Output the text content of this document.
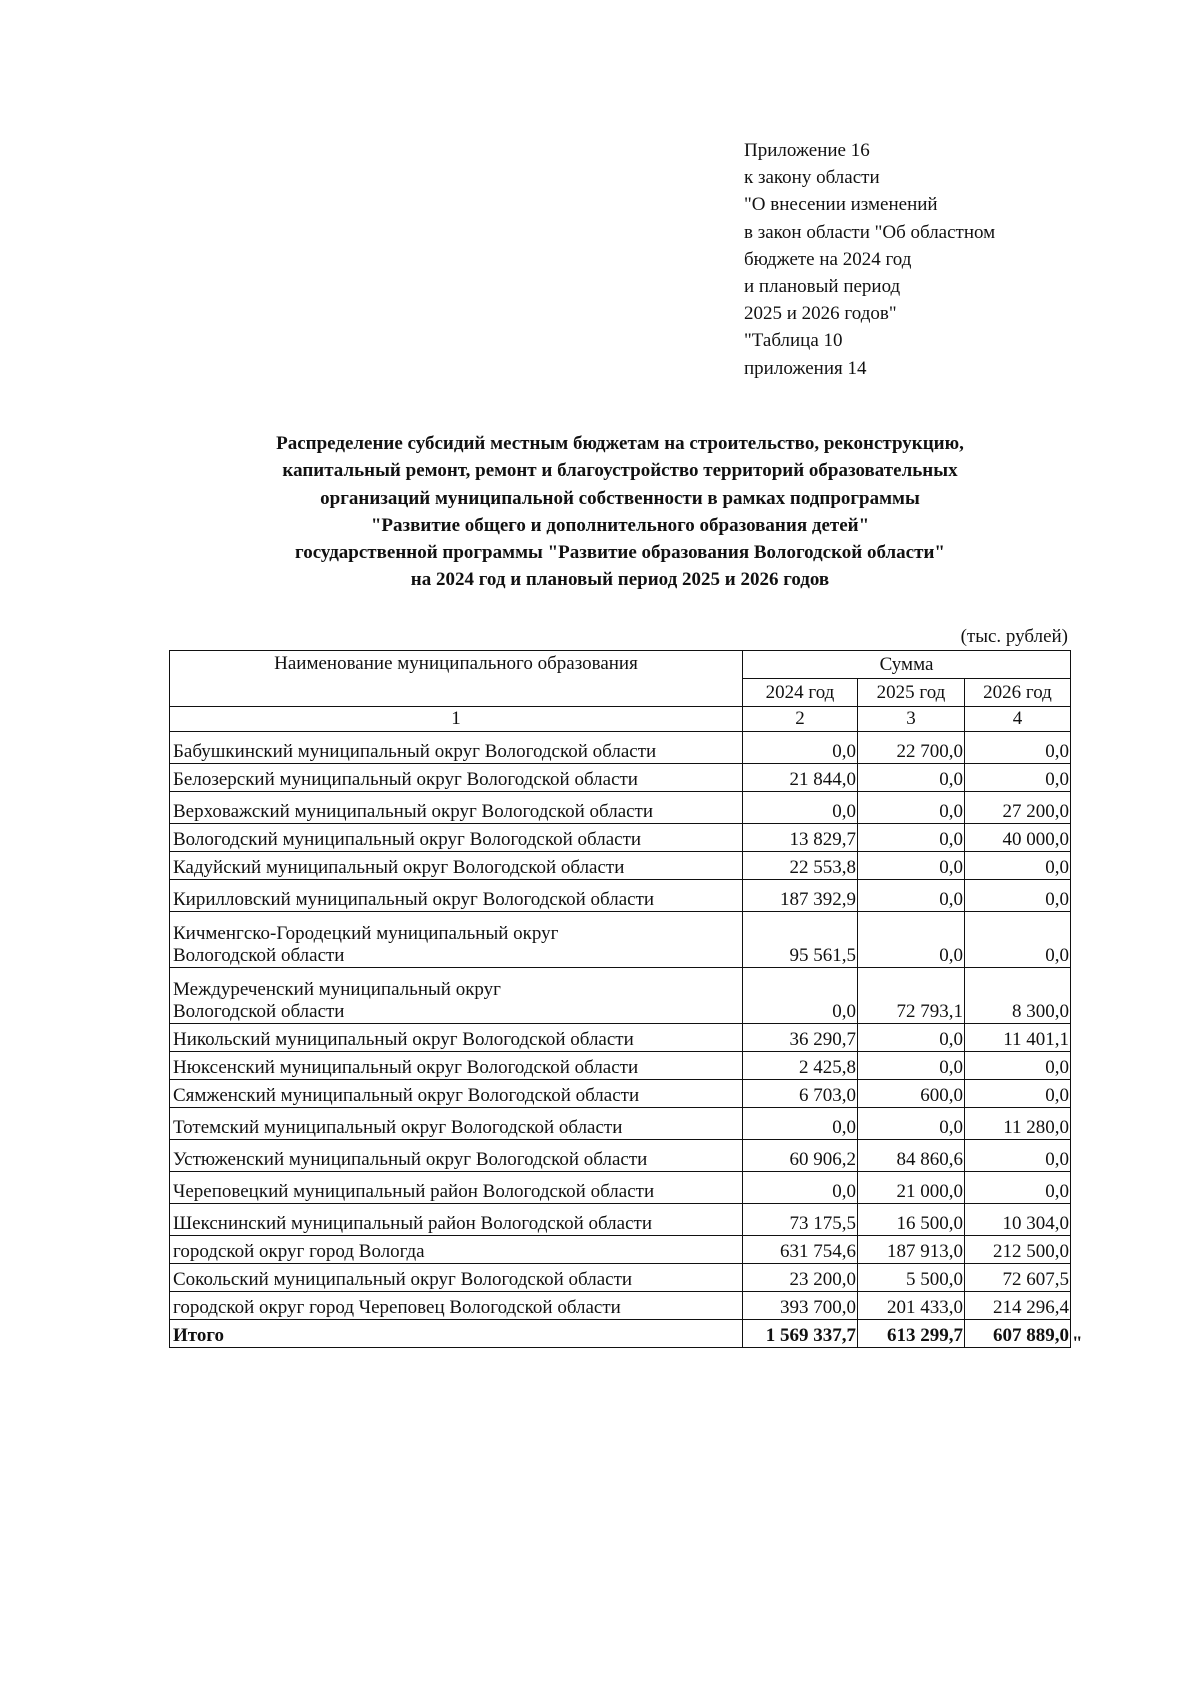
Приложение 16
к закону области
"О внесении изменений
в закон области "Об областном
бюджете на 2024 год
и плановый период
2025 и 2026 годов"
"Таблица 10
приложения 14
Распределение субсидий местным бюджетам на строительство, реконструкцию,
капитальный ремонт, ремонт и благоустройство территорий образовательных
организаций муниципальной собственности в рамках подпрограммы
"Развитие общего и дополнительного образования детей"
государственной программы "Развитие образования Вологодской области"
на 2024 год и плановый период 2025 и 2026 годов
(тыс. рублей)
Наименование муниципального образования	Сумма		
	2024 год	2025 год	2026 год
1	2	3	4
Бабушкинский муниципальный округ Вологодской области	0,0	22 700,0	0,0
Белозерский муниципальный округ Вологодской области	21 844,0	0,0	0,0
Верховажский муниципальный округ Вологодской области	0,0	0,0	27 200,0
Вологодский муниципальный округ Вологодской области	13 829,7	0,0	40 000,0
Кадуйский муниципальный округ Вологодской области	22 553,8	0,0	0,0
Кирилловский муниципальный округ Вологодской области	187 392,9	0,0	0,0

Кичменгско-Городецкий муниципальный округ
Вологодской области	95 561,5	0,0	0,0

Междуреченский муниципальный округ
Вологодской области	0,0	72 793,1	8 300,0
Никольский муниципальный округ Вологодской области	36 290,7	0,0	11 401,1
Нюксенский муниципальный округ Вологодской области	2 425,8	0,0	0,0
Сямженский муниципальный округ Вологодской области	6 703,0	600,0	0,0
Тотемский муниципальный округ Вологодской области	0,0	0,0	11 280,0
Устюженский муниципальный округ Вологодской области	60 906,2	84 860,6	0,0
Череповецкий муниципальный район Вологодской области	0,0	21 000,0	0,0
Шекснинский муниципальный район Вологодской области	73 175,5	16 500,0	10 304,0
городской округ город Вологда	631 754,6	187 913,0	212 500,0
Сокольский муниципальный округ Вологодской области	23 200,0	5 500,0	72 607,5
городской округ город Череповец Вологодской области	393 700,0	201 433,0	214 296,4
Итого	1 569 337,7	613 299,7	607 889,0 "
